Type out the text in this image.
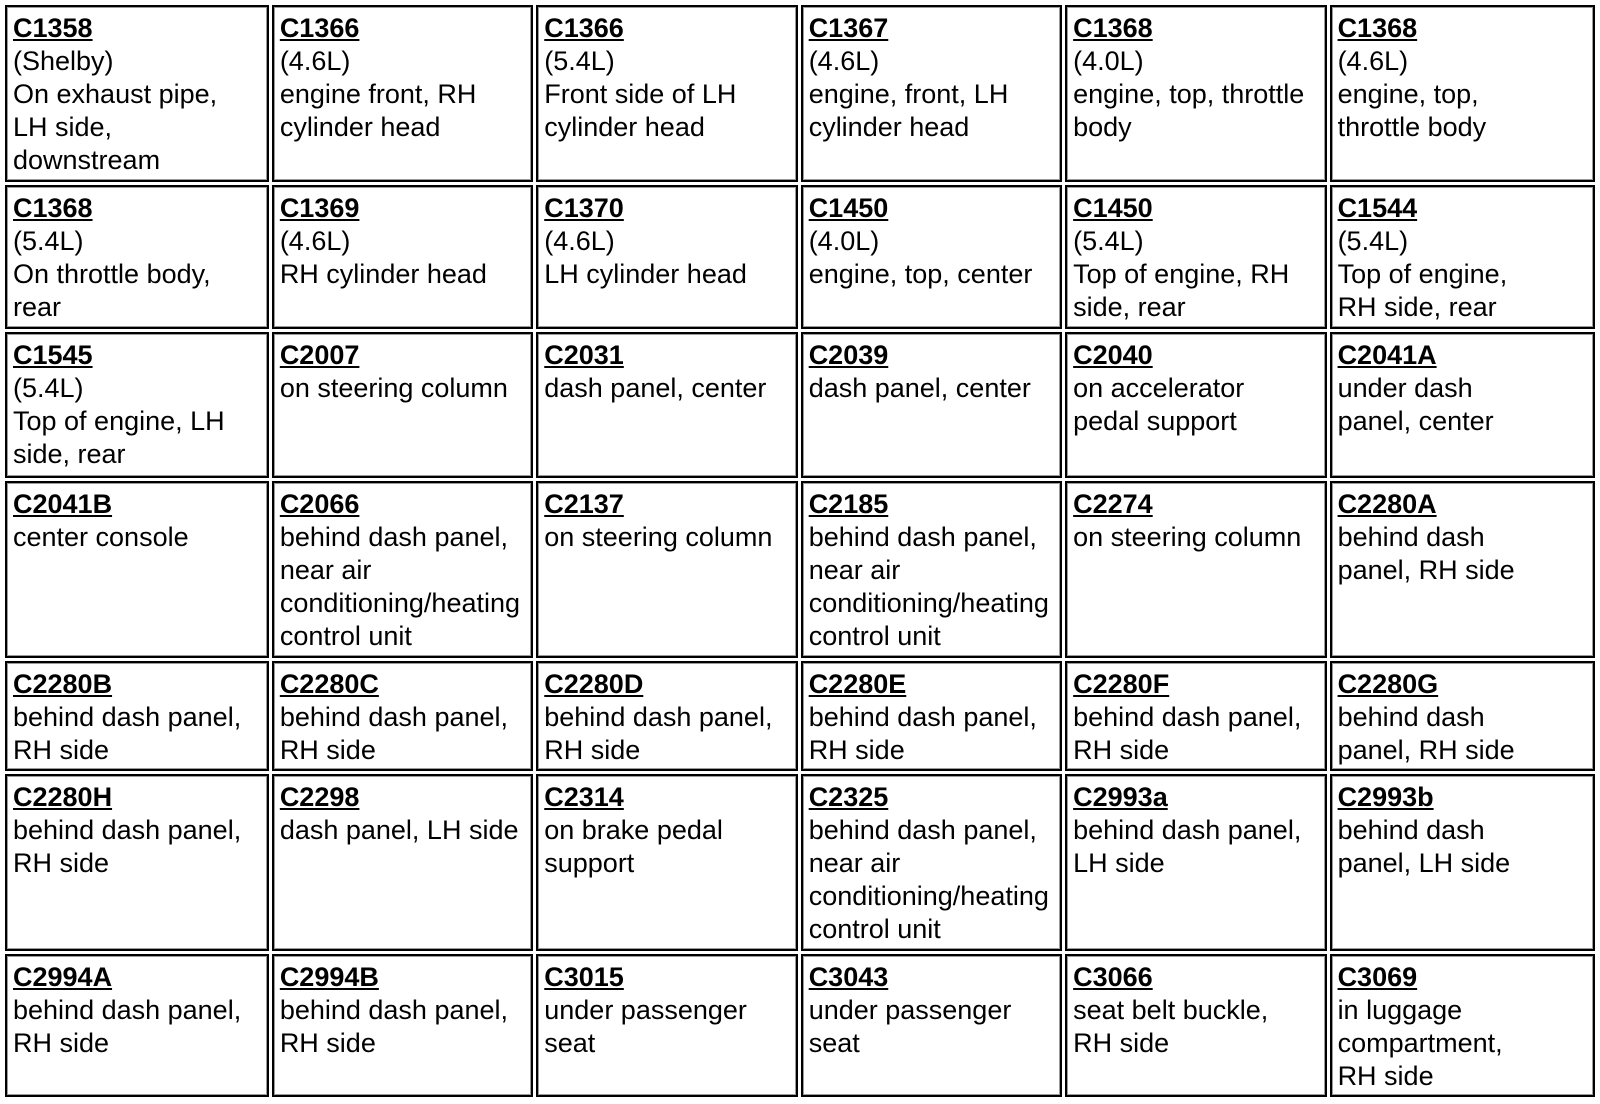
C1358
(Shelby)
On exhaust pipe,
LH side,
downstream	C1366
(4.6L)
engine front, RH
cylinder head	C1366
(5.4L)
Front side of LH
cylinder head	C1367
(4.6L)
engine, front, LH
cylinder head	C1368
(4.0L)
engine, top, throttle
body	C1368
(4.6L)
engine, top,
throttle body

C1368
(5.4L)
On throttle body,
rear	C1369
(4.6L)
RH cylinder head	C1370
(4.6L)
LH cylinder head	C1450
(4.0L)
engine, top, center	C1450
(5.4L)
Top of engine, RH
side, rear	C1544
(5.4L)
Top of engine,
RH side, rear

C1545
(5.4L)
Top of engine, LH
side, rear	C2007
on steering column	C2031
dash panel, center	C2039
dash panel, center	C2040
on accelerator
pedal support	C2041A
under dash
panel, center

C2041B
center console	C2066
behind dash panel,
near air
conditioning/heating
control unit	C2137
on steering column	C2185
behind dash panel,
near air
conditioning/heating
control unit	C2274
on steering column	C2280A
behind dash
panel, RH side

C2280B
behind dash panel,
RH side	C2280C
behind dash panel,
RH side	C2280D
behind dash panel,
RH side	C2280E
behind dash panel,
RH side	C2280F
behind dash panel,
RH side	C2280G
behind dash
panel, RH side

C2280H
behind dash panel,
RH side	C2298
dash panel, LH side	C2314
on brake pedal
support	C2325
behind dash panel,
near air
conditioning/heating
control unit	C2993a
behind dash panel,
LH side	C2993b
behind dash
panel, LH side

C2994A
behind dash panel,
RH side	C2994B
behind dash panel,
RH side	C3015
under passenger
seat	C3043
under passenger
seat	C3066
seat belt buckle,
RH side	C3069
in luggage
compartment,
RH side
